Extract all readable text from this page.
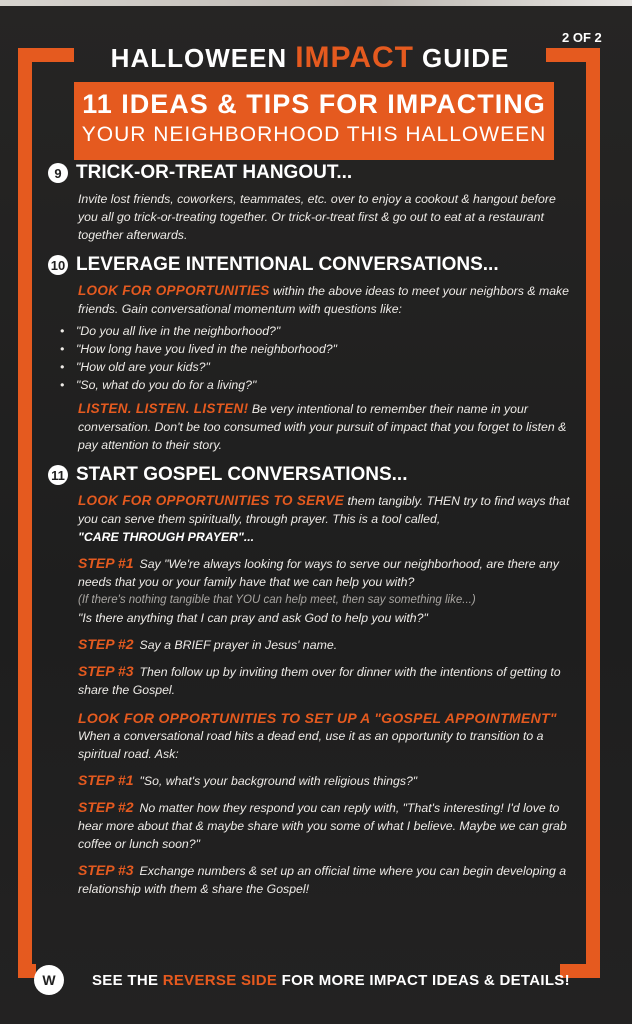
HALLOWEEN IMPACT GUIDE
2 OF 2
11 IDEAS & TIPS FOR IMPACTING
YOUR NEIGHBORHOOD THIS HALLOWEEN
9 TRICK-OR-TREAT HANGOUT...
Invite lost friends, coworkers, teammates, etc. over to enjoy a cookout & hangout before you all go trick-or-treating together. Or trick-or-treat first & go out to eat at a restaurant together afterwards.
10 LEVERAGE INTENTIONAL CONVERSATIONS...
LOOK FOR OPPORTUNITIES within the above ideas to meet your neighbors & make friends. Gain conversational momentum with questions like:
• "Do you all live in the neighborhood?"
• "How long have you lived in the neighborhood?"
• "How old are your kids?"
• "So, what do you do for a living?"
LISTEN. LISTEN. LISTEN! Be very intentional to remember their name in your conversation. Don't be too consumed with your pursuit of impact that you forget to listen & pay attention to their story.
11 START GOSPEL CONVERSATIONS...
LOOK FOR OPPORTUNITIES TO SERVE them tangibly. THEN try to find ways that you can serve them spiritually, through prayer. This is a tool called,
"CARE THROUGH PRAYER"...
STEP #1 Say "We're always looking for ways to serve our neighborhood, are there any needs that you or your family have that we can help you with?
(If there's nothing tangible that YOU can help meet, then say something like...)
"Is there anything that I can pray and ask God to help you with?"
STEP #2 Say a BRIEF prayer in Jesus' name.
STEP #3 Then follow up by inviting them over for dinner with the intentions of getting to share the Gospel.
LOOK FOR OPPORTUNITIES TO SET UP A "GOSPEL APPOINTMENT"
When a conversational road hits a dead end, use it as an opportunity to transition to a spiritual road. Ask:
STEP #1 "So, what's your background with religious things?"
STEP #2 No matter how they respond you can reply with, "That's interesting! I'd love to hear more about that & maybe share with you some of what I believe. Maybe we can grab coffee or lunch soon?"
STEP #3 Exchange numbers & set up an official time where you can begin developing a relationship with them & share the Gospel!
W	SEE THE REVERSE SIDE FOR MORE IMPACT IDEAS & DETAILS!
